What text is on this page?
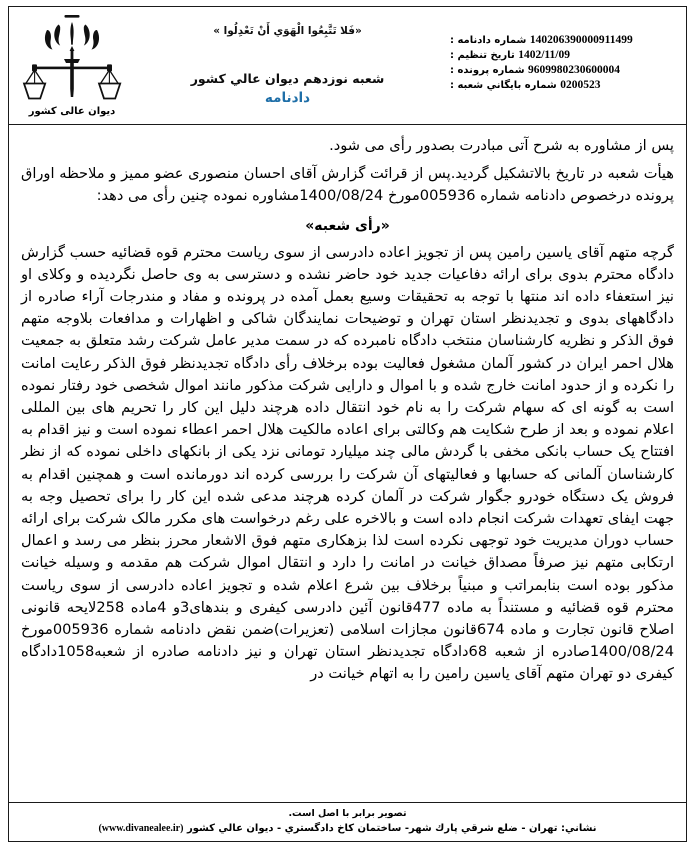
140206390000911499 شماره دادنامه :
1402/11/09 تاريخ تنظيم :
9609980230600004 شماره پرونده :
0200523 شماره بايگاني شعبه :
«فَلا تَتَّبِعُوا الْهَوَي أَنْ تَعْدِلُوا »
شعبه نوزدهم ديوان عالي كشور
دادنامه
دیوان عالی کشور

پس از مشاوره به شرح آتی مبادرت بصدور رأی می شود.

هيأت شعبه در تاریخ بالاتشکیل گردید.پس از قرائت گزارش آقای احسان منصوری عضو ممیز و ملاحظه اوراق پرونده درخصوص دادنامه شماره 005936مورخ 1400/08/24مشاوره نموده چنین رأی می دهد:

«رأی شعبه»

گرچه متهم آقای یاسین رامین پس از تجویز اعاده دادرسی از سوی ریاست محترم قوه قضائیه حسب گزارش دادگاه محترم بدوی برای ارائه دفاعیات جدید خود حاضر نشده و دسترسی به وی حاصل نگردیده و وکلای او نیز استعفاء داده اند منتها با توجه به تحقیقات وسیع بعمل آمده در پرونده و مفاد و مندرجات آراء صادره از دادگاههای بدوی و تجدیدنظر استان تهران و توضیحات نمایندگان شاکی و اظهارات و مدافعات بلاوجه متهم فوق الذکر و نظریه کارشناسان منتخب دادگاه نامبرده که در سمت مدیر عامل شرکت رشد متعلق به جمعیت هلال احمر ایران در کشور آلمان مشغول فعالیت بوده برخلاف رأی دادگاه تجدیدنظر فوق الذکر رعایت امانت را نکرده و از حدود امانت خارج شده و با اموال و دارایی شرکت مذکور مانند اموال شخصی خود رفتار نموده است به گونه ای که سهام شرکت را به نام خود انتقال داده هرچند دلیل این کار را تحریم های بین المللی اعلام نموده و بعد از طرح شکایت هم وکالتی برای اعاده مالکیت هلال احمر اعطاء نموده است و نیز اقدام به افتتاح یک حساب بانکی مخفی با گردش مالی چند میلیارد تومانی نزد یکی از بانکهای داخلی نموده که از نظر کارشناسان آلمانی که حسابها و فعالیتهای آن شرکت را بررسی کرده اند دورمانده است و همچنین اقدام به فروش یک دستگاه خودرو جگوار شرکت در آلمان کرده هرچند مدعی شده این کار را برای تحصیل وجه به جهت ایفای تعهدات شرکت انجام داده است و بالاخره علی رغم درخواست های مکرر مالک شرکت برای ارائه حساب دوران مدیریت خود توجهی نکرده است لذا بزهکاری متهم فوق الاشعار محرز بنظر می رسد و اعمال ارتکابی متهم نیز صرفاً مصداق خیانت در امانت را دارد و انتقال اموال شرکت هم مقدمه و وسیله خیانت مذکور بوده است بنابمراتب و مبنیاً برخلاف بین شرع اعلام شده و تجویز اعاده دادرسی از سوی ریاست محترم قوه قضائیه و مستنداً به ماده 477قانون آئین دادرسی کیفری و بندهای3و 4ماده 258لایحه قانونی اصلاح قانون تجارت و ماده 674قانون مجازات اسلامی (تعزیرات)ضمن نقض دادنامه شماره 005936مورخ 1400/08/24صادره از شعبه 68دادگاه تجدیدنظر استان تهران و نیز دادنامه صادره از شعبه1058دادگاه کیفری دو تهران متهم آقای یاسین رامین را به اتهام خیانت در

تصوير برابر با اصل است.
نشاني: تهران - ضلع شرقي پارك شهر- ساختمان كاخ دادگستري - ديوان عالي كشور (www.divanealee.ir)
